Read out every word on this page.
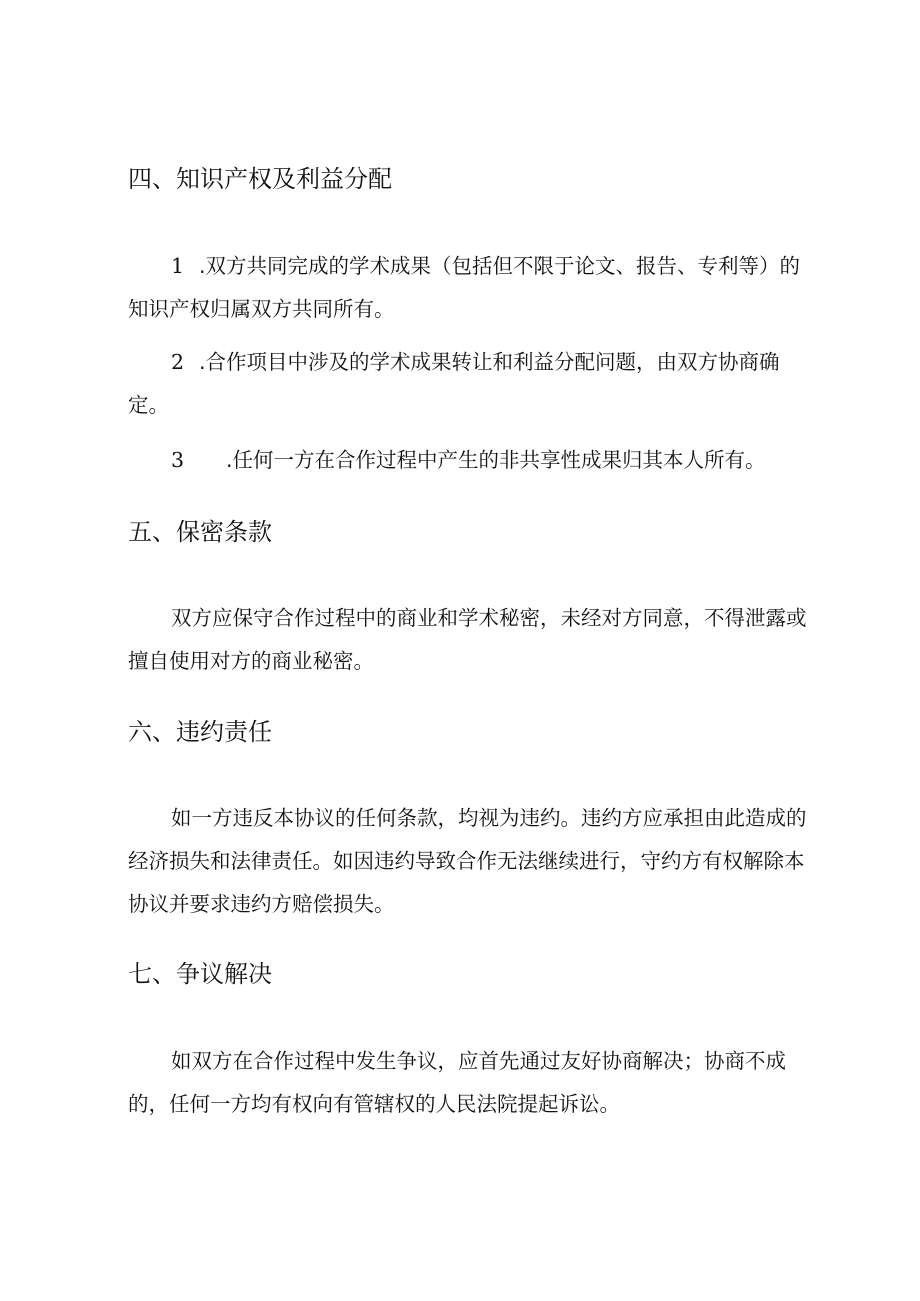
四、知识产权及利益分配
1 .双方共同完成的学术成果（包括但不限于论文、报告、专利等）的
知识产权归属双方共同所有。
2 .合作项目中涉及的学术成果转让和利益分配问题，由双方协商确
定。
3 .任何一方在合作过程中产生的非共享性成果归其本人所有。
五、保密条款
双方应保守合作过程中的商业和学术秘密，未经对方同意，不得泄露或
擅自使用对方的商业秘密。
六、违约责任
如一方违反本协议的任何条款，均视为违约。违约方应承担由此造成的
经济损失和法律责任。如因违约导致合作无法继续进行，守约方有权解除本
协议并要求违约方赔偿损失。
七、争议解决
如双方在合作过程中发生争议，应首先通过友好协商解决；协商不成
的，任何一方均有权向有管辖权的人民法院提起诉讼。
